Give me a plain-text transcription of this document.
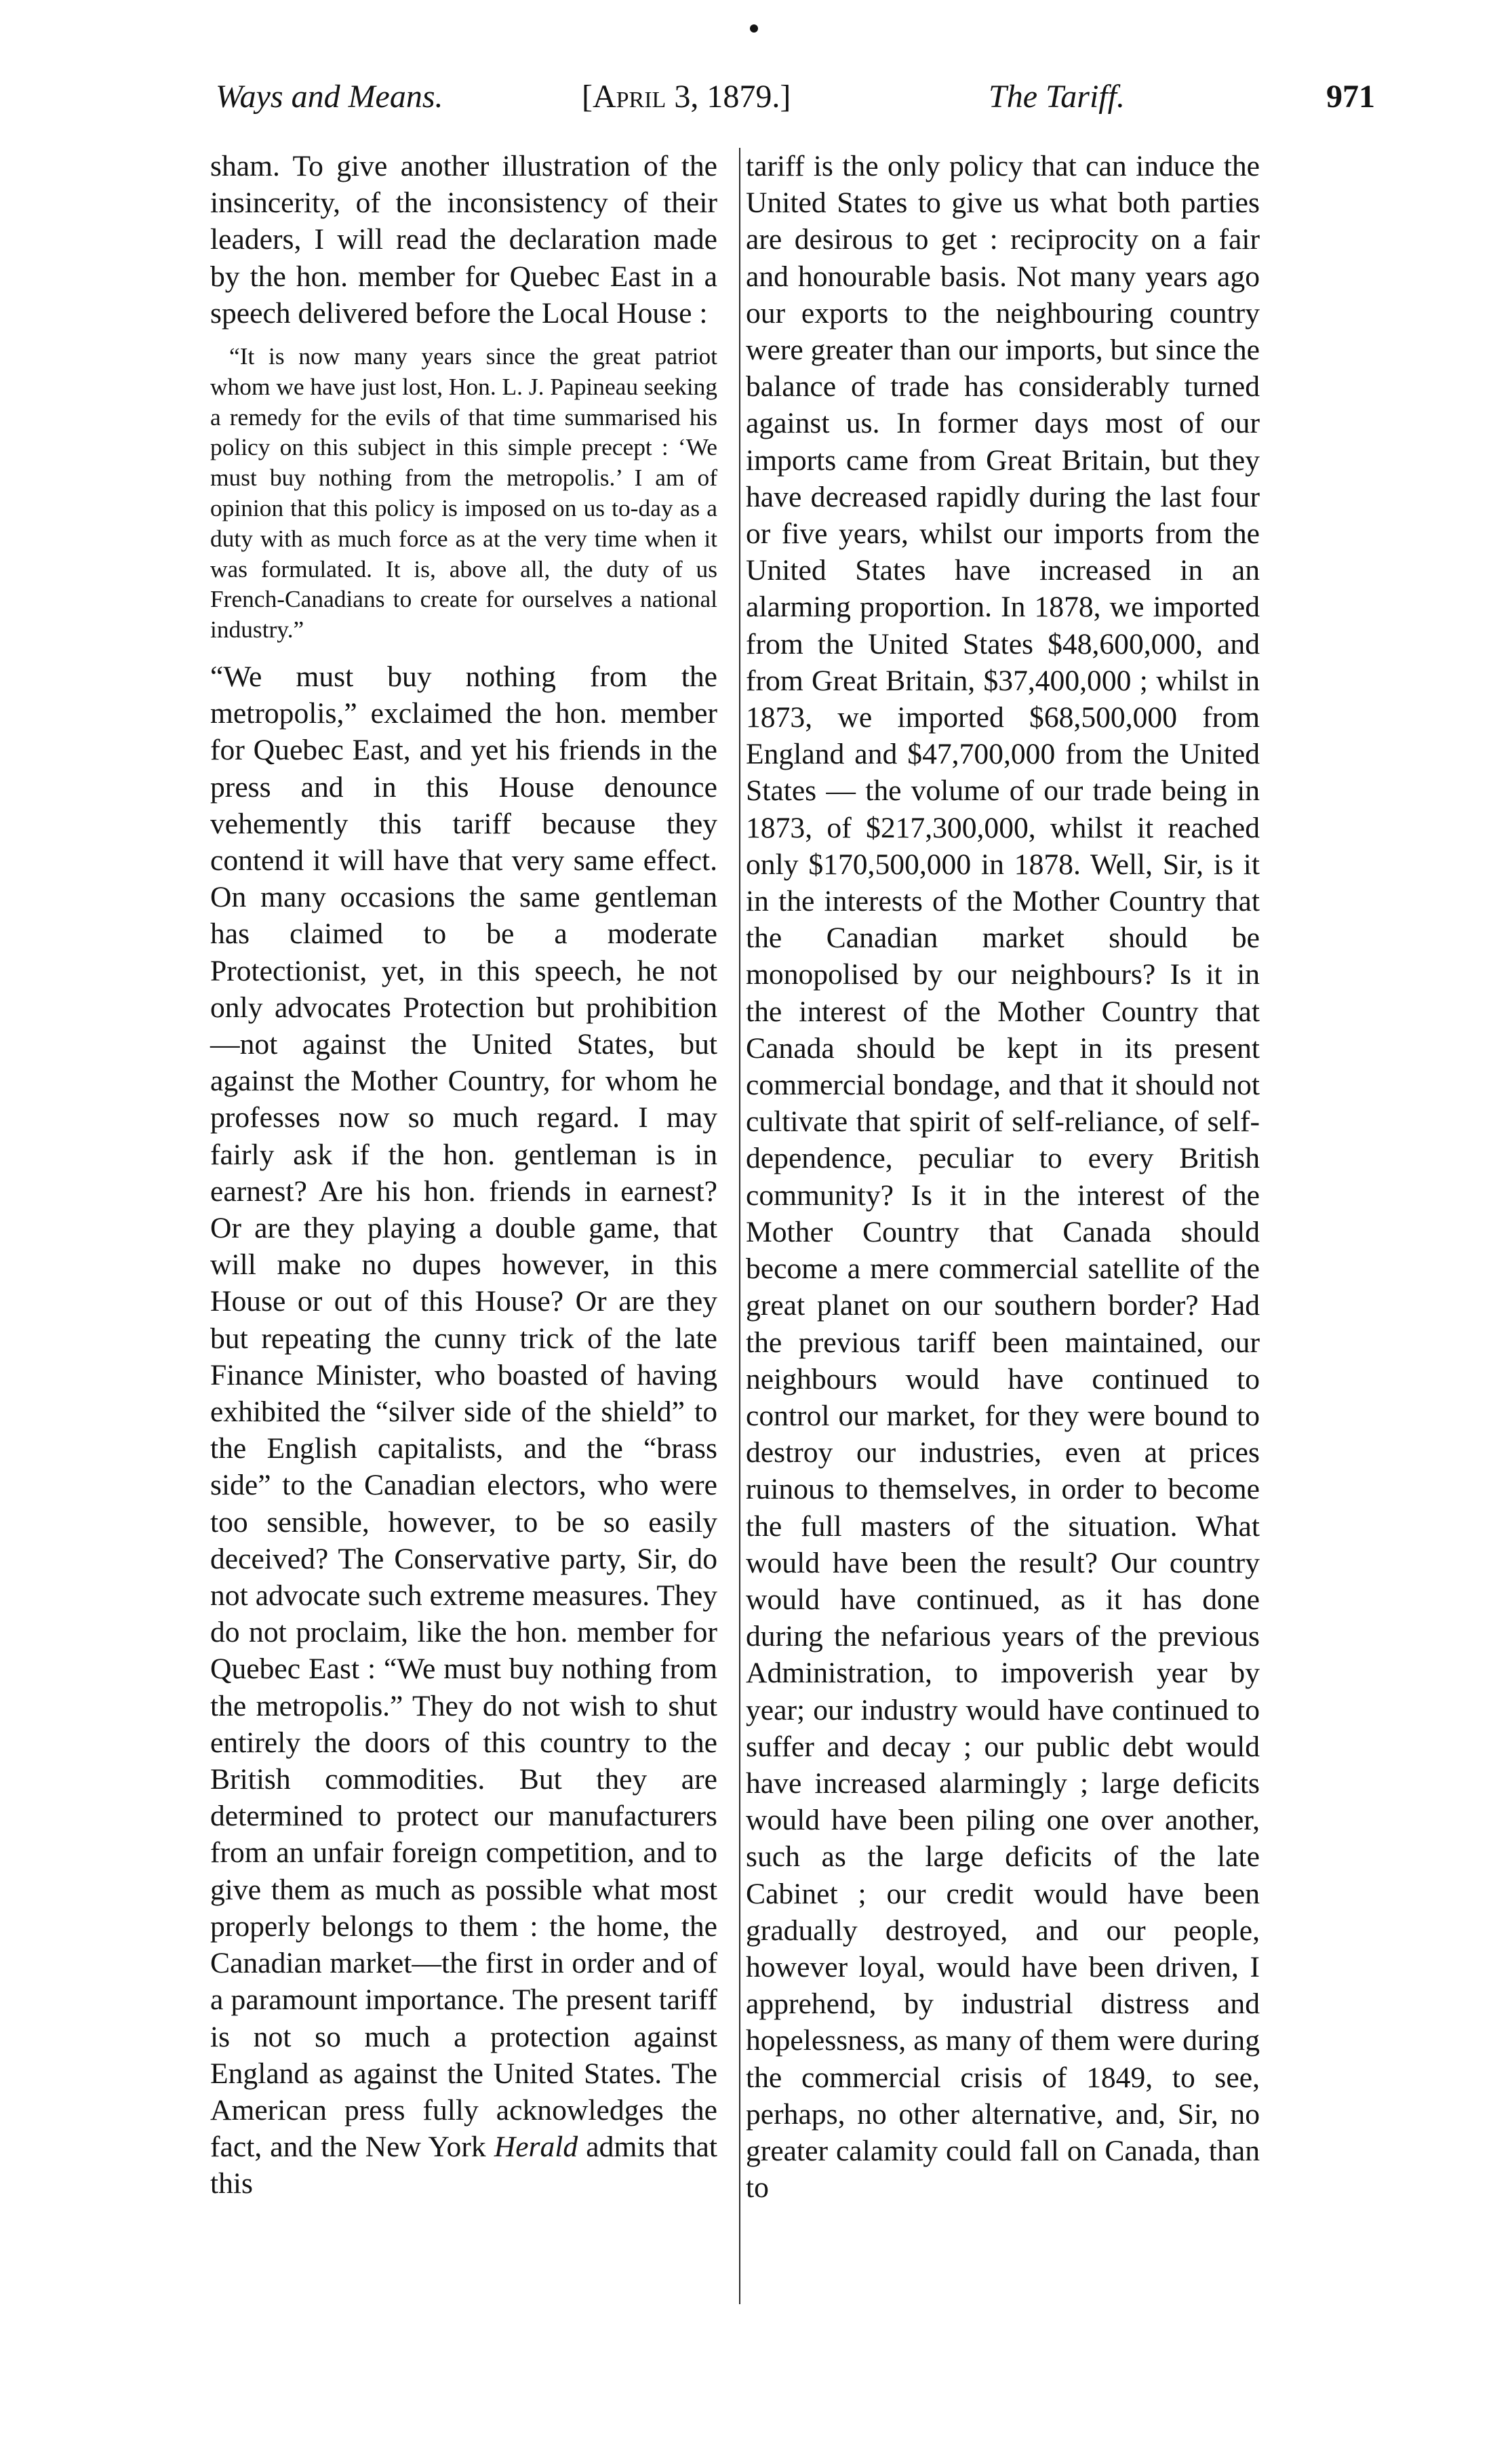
Ways and Means.	[April 3, 1879.]	The Tariff.	971

sham. To give another illustration of the insincerity, of the inconsistency of their leaders, I will read the declaration made by the hon. member for Quebec East in a speech delivered before the Local House :

“It is now many years since the great patriot whom we have just lost, Hon. L. J. Papineau seeking a remedy for the evils of that time summarised his policy on this subject in this simple precept : ‘We must buy nothing from the metropolis.’ I am of opinion that this policy is imposed on us to-day as a duty with as much force as at the very time when it was formulated. It is, above all, the duty of us French-Canadians to create for ourselves a national industry.”

“We must buy nothing from the metropolis,” exclaimed the hon. member for Quebec East, and yet his friends in the press and in this House denounce vehemently this tariff because they contend it will have that very same effect. On many occasions the same gentleman has claimed to be a moderate Protectionist, yet, in this speech, he not only advocates Protection but prohibition —not against the United States, but against the Mother Country, for whom he professes now so much regard. I may fairly ask if the hon. gentleman is in earnest? Are his hon. friends in earnest? Or are they playing a double game, that will make no dupes however, in this House or out of this House? Or are they but repeating the cunny trick of the late Finance Minister, who boasted of having exhibited the “silver side of the shield” to the English capitalists, and the “brass side” to the Canadian electors, who were too sensible, however, to be so easily deceived? The Conservative party, Sir, do not advocate such extreme measures. They do not proclaim, like the hon. member for Quebec East : “We must buy nothing from the metropolis.” They do not wish to shut entirely the doors of this country to the British commodities. But they are determined to protect our manufacturers from an unfair foreign competition, and to give them as much as possible what most properly belongs to them : the home, the Canadian market—the first in order and of a paramount importance. The present tariff is not so much a protection against England as against the United States. The American press fully acknowledges the fact, and the New York Herald admits that this

tariff is the only policy that can induce the United States to give us what both parties are desirous to get : reciprocity on a fair and honourable basis. Not many years ago our exports to the neighbouring country were greater than our imports, but since the balance of trade has considerably turned against us. In former days most of our imports came from Great Britain, but they have decreased rapidly during the last four or five years, whilst our imports from the United States have increased in an alarming proportion. In 1878, we imported from the United States $48,600,000, and from Great Britain, $37,400,000 ; whilst in 1873, we imported $68,500,000 from England and $47,700,000 from the United States — the volume of our trade being in 1873, of $217,300,000, whilst it reached only $170,500,000 in 1878. Well, Sir, is it in the interests of the Mother Country that the Canadian market should be monopolised by our neighbours? Is it in the interest of the Mother Country that Canada should be kept in its present commercial bondage, and that it should not cultivate that spirit of self-reliance, of self-dependence, peculiar to every British community? Is it in the interest of the Mother Country that Canada should become a mere commercial satellite of the great planet on our southern border? Had the previous tariff been maintained, our neighbours would have continued to control our market, for they were bound to destroy our industries, even at prices ruinous to themselves, in order to become the full masters of the situation. What would have been the result? Our country would have continued, as it has done during the nefarious years of the previous Administration, to impoverish year by year; our industry would have continued to suffer and decay ; our public debt would have increased alarmingly ; large deficits would have been piling one over another, such as the large deficits of the late Cabinet ; our credit would have been gradually destroyed, and our people, however loyal, would have been driven, I apprehend, by industrial distress and hopelessness, as many of them were during the commercial crisis of 1849, to see, perhaps, no other alternative, and, Sir, no greater calamity could fall on Canada, than to
